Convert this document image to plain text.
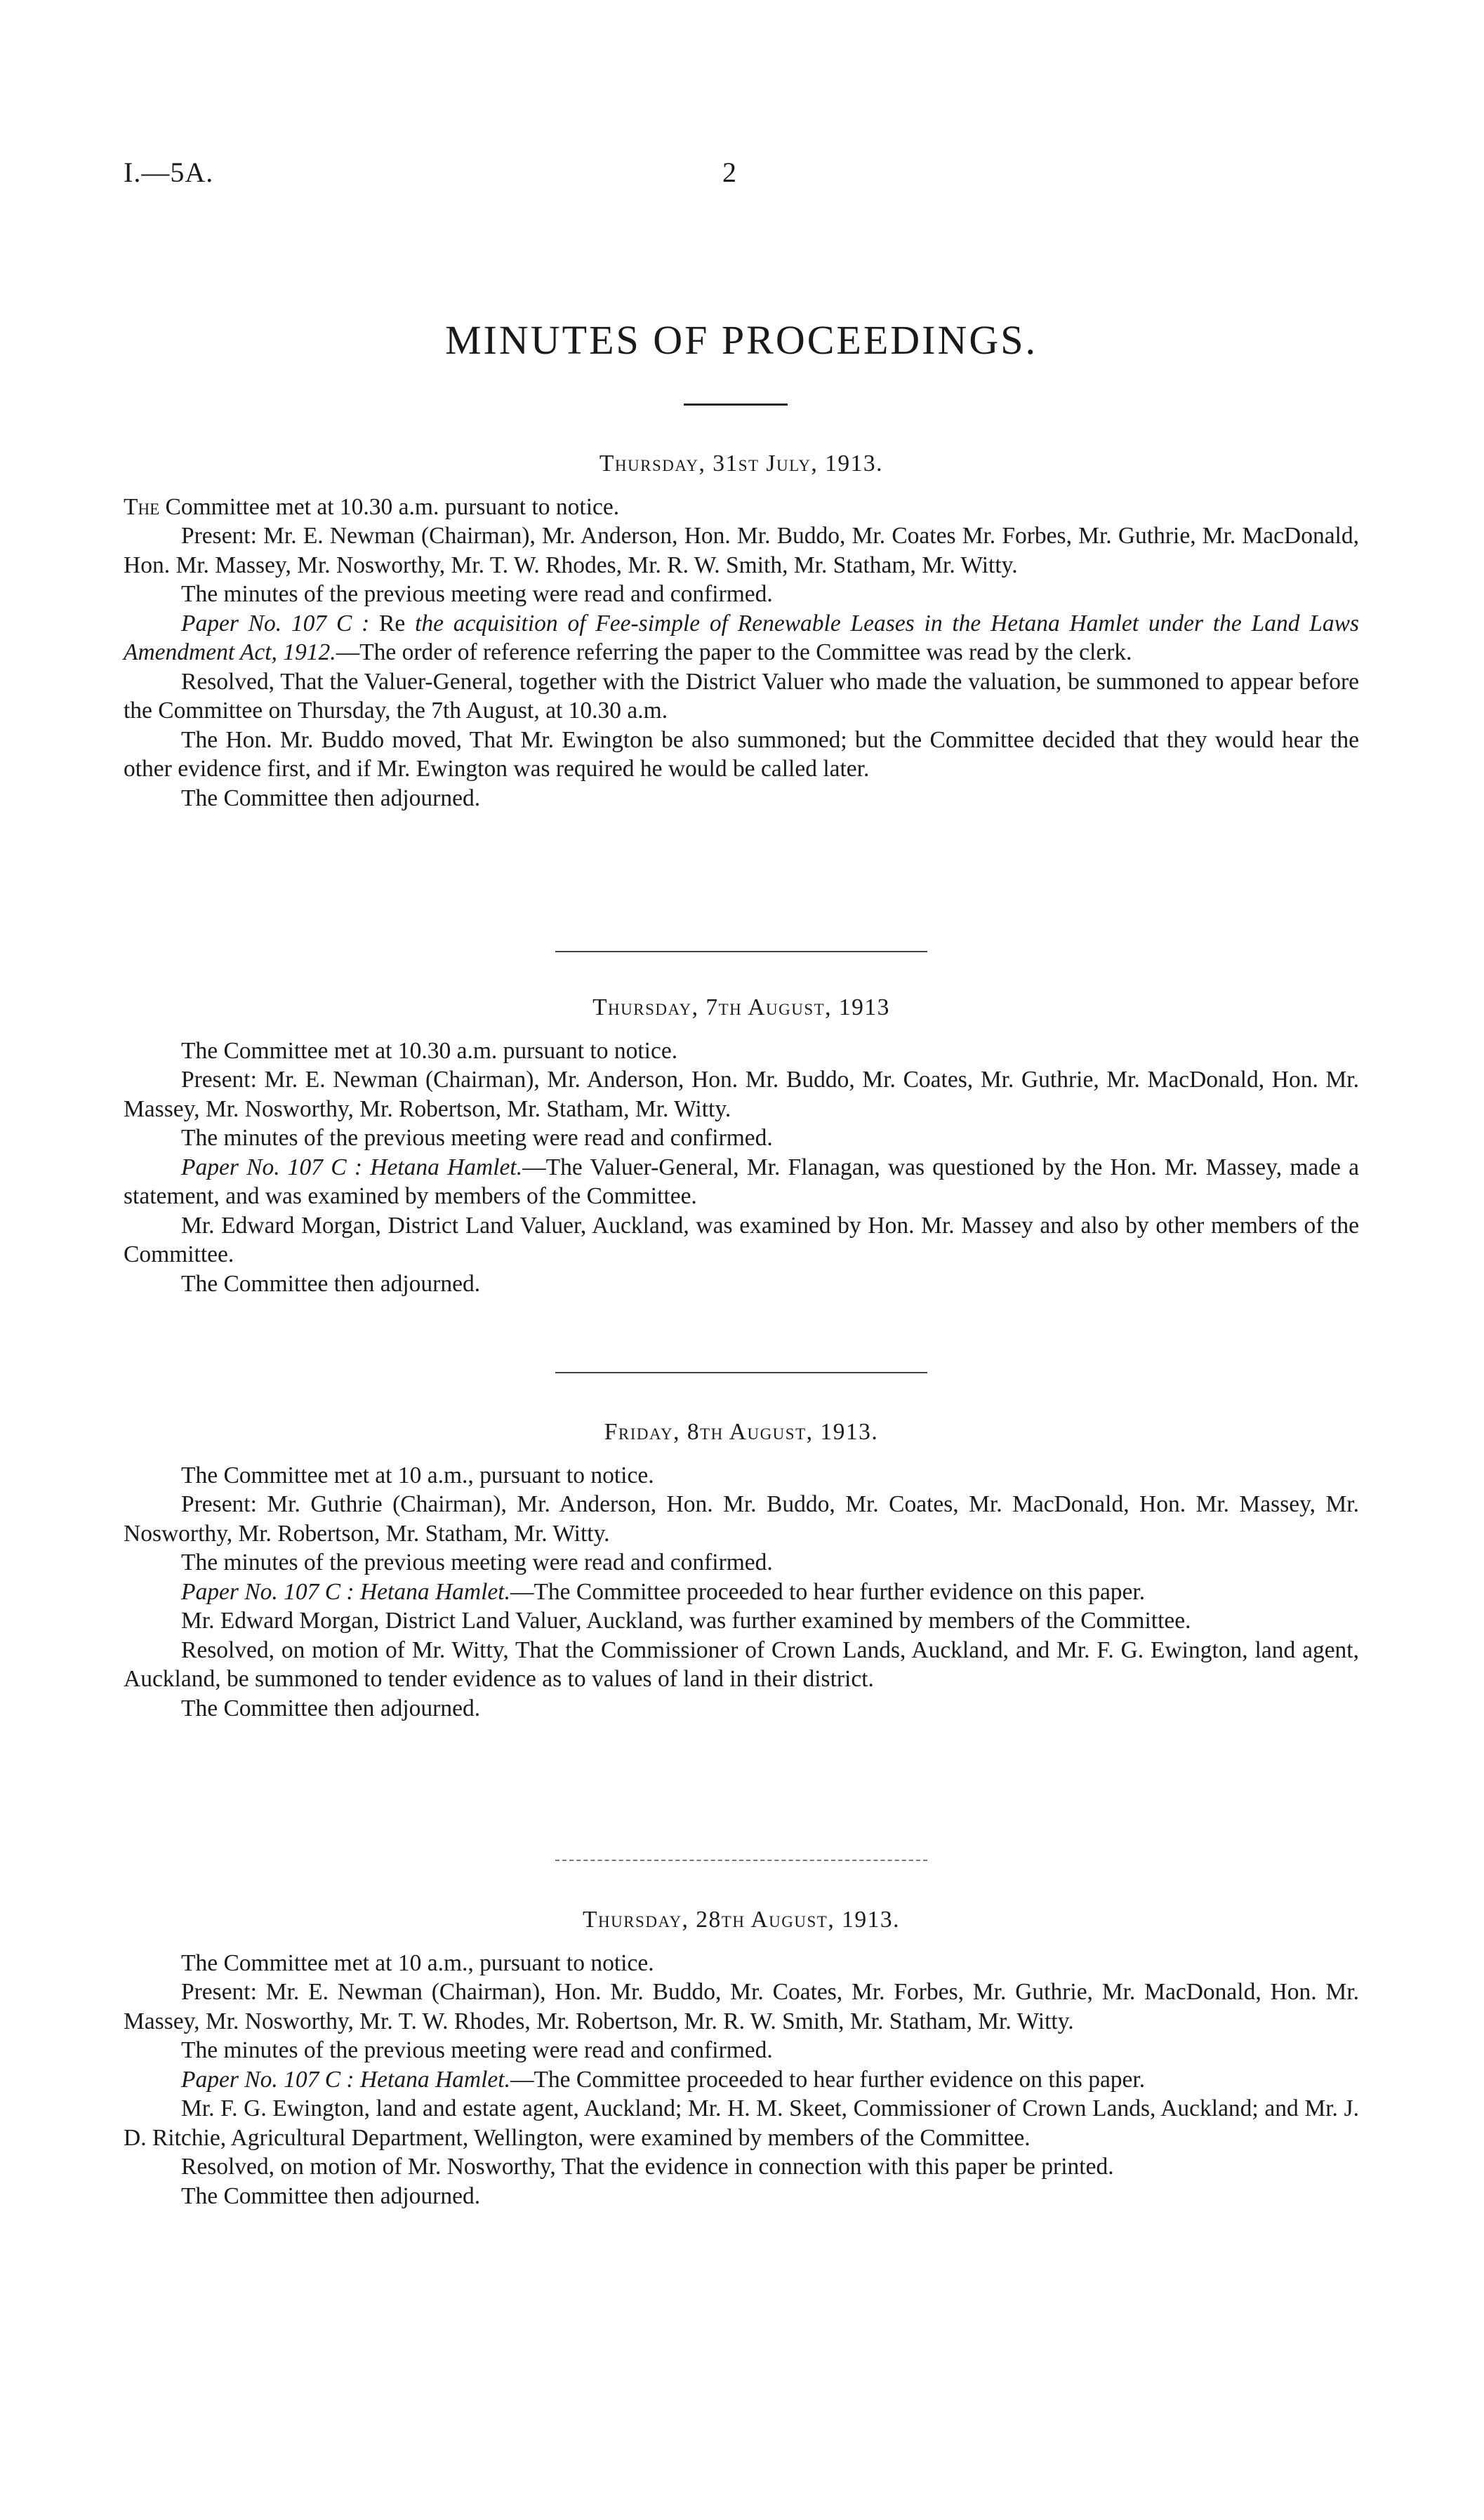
I.—5A.	2
MINUTES OF PROCEEDINGS.
Thursday, 31st July, 1913.

The Committee met at 10.30 a.m. pursuant to notice.

Present: Mr. E. Newman (Chairman), Mr. Anderson, Hon. Mr. Buddo, Mr. Coates Mr. Forbes, Mr. Guthrie, Mr. MacDonald, Hon. Mr. Massey, Mr. Nosworthy, Mr. T. W. Rhodes, Mr. R. W. Smith, Mr. Statham, Mr. Witty.

The minutes of the previous meeting were read and confirmed.

Paper No. 107 C : Re the acquisition of Fee-simple of Renewable Leases in the Hetana Hamlet under the Land Laws Amendment Act, 1912.—The order of reference referring the paper to the Committee was read by the clerk.

Resolved, That the Valuer-General, together with the District Valuer who made the valuation, be summoned to appear before the Committee on Thursday, the 7th August, at 10.30 a.m.

The Hon. Mr. Buddo moved, That Mr. Ewington be also summoned; but the Committee decided that they would hear the other evidence first, and if Mr. Ewington was required he would be called later.

The Committee then adjourned.

Thursday, 7th August, 1913

The Committee met at 10.30 a.m. pursuant to notice.

Present: Mr. E. Newman (Chairman), Mr. Anderson, Hon. Mr. Buddo, Mr. Coates, Mr. Guthrie, Mr. MacDonald, Hon. Mr. Massey, Mr. Nosworthy, Mr. Robertson, Mr. Statham, Mr. Witty.

The minutes of the previous meeting were read and confirmed.

Paper No. 107 C : Hetana Hamlet.—The Valuer-General, Mr. Flanagan, was questioned by the Hon. Mr. Massey, made a statement, and was examined by members of the Committee.

Mr. Edward Morgan, District Land Valuer, Auckland, was examined by Hon. Mr. Massey and also by other members of the Committee.

The Committee then adjourned.

Friday, 8th August, 1913.

The Committee met at 10 a.m., pursuant to notice.

Present: Mr. Guthrie (Chairman), Mr. Anderson, Hon. Mr. Buddo, Mr. Coates, Mr. MacDonald, Hon. Mr. Massey, Mr. Nosworthy, Mr. Robertson, Mr. Statham, Mr. Witty.

The minutes of the previous meeting were read and confirmed.

Paper No. 107 C : Hetana Hamlet.—The Committee proceeded to hear further evidence on this paper.

Mr. Edward Morgan, District Land Valuer, Auckland, was further examined by members of the Committee.

Resolved, on motion of Mr. Witty, That the Commissioner of Crown Lands, Auckland, and Mr. F. G. Ewington, land agent, Auckland, be summoned to tender evidence as to values of land in their district.

The Committee then adjourned.

Thursday, 28th August, 1913.

The Committee met at 10 a.m., pursuant to notice.

Present: Mr. E. Newman (Chairman), Hon. Mr. Buddo, Mr. Coates, Mr. Forbes, Mr. Guthrie, Mr. MacDonald, Hon. Mr. Massey, Mr. Nosworthy, Mr. T. W. Rhodes, Mr. Robertson, Mr. R. W. Smith, Mr. Statham, Mr. Witty.

The minutes of the previous meeting were read and confirmed.

Paper No. 107 C : Hetana Hamlet.—The Committee proceeded to hear further evidence on this paper.

Mr. F. G. Ewington, land and estate agent, Auckland; Mr. H. M. Skeet, Commissioner of Crown Lands, Auckland; and Mr. J. D. Ritchie, Agricultural Department, Wellington, were examined by members of the Committee.

Resolved, on motion of Mr. Nosworthy, That the evidence in connection with this paper be printed.

The Committee then adjourned.
